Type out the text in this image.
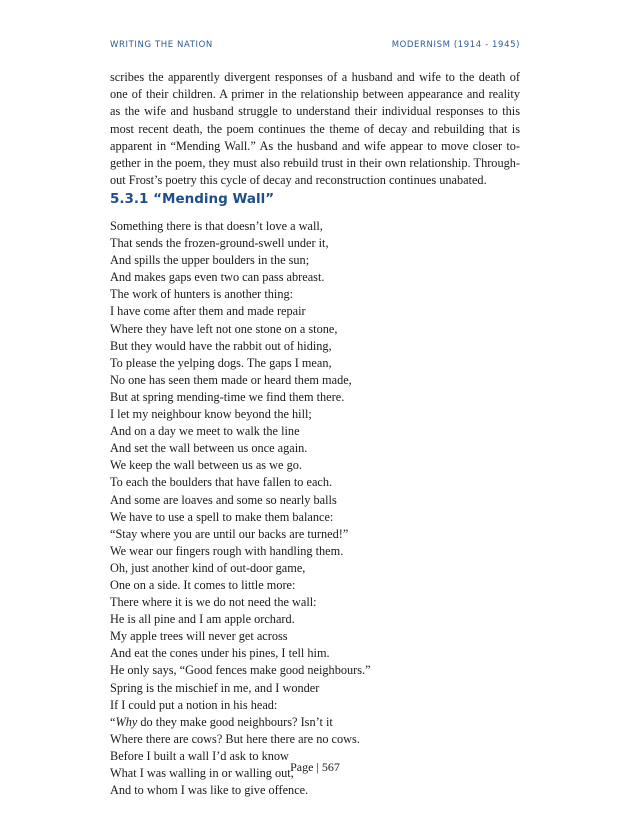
WRITING THE NATION	MODERNISM (1914 - 1945)
scribes the apparently divergent responses of a husband and wife to the death of
one of their children. A primer in the relationship between appearance and reality
as the wife and husband struggle to understand their individual responses to this
most recent death, the poem continues the theme of decay and rebuilding that is
apparent in “Mending Wall.” As the husband and wife appear to move closer to-
gether in the poem, they must also rebuild trust in their own relationship. Through-
out Frost’s poetry this cycle of decay and reconstruction continues unabated.
5.3.1 “Mending Wall”
Something there is that doesn’t love a wall,
That sends the frozen-ground-swell under it,
And spills the upper boulders in the sun;
And makes gaps even two can pass abreast.
The work of hunters is another thing:
I have come after them and made repair
Where they have left not one stone on a stone,
But they would have the rabbit out of hiding,
To please the yelping dogs. The gaps I mean,
No one has seen them made or heard them made,
But at spring mending-time we find them there.
I let my neighbour know beyond the hill;
And on a day we meet to walk the line
And set the wall between us once again.
We keep the wall between us as we go.
To each the boulders that have fallen to each.
And some are loaves and some so nearly balls
We have to use a spell to make them balance:
“Stay where you are until our backs are turned!”
We wear our fingers rough with handling them.
Oh, just another kind of out-door game,
One on a side. It comes to little more:
There where it is we do not need the wall:
He is all pine and I am apple orchard.
My apple trees will never get across
And eat the cones under his pines, I tell him.
He only says, “Good fences make good neighbours.”
Spring is the mischief in me, and I wonder
If I could put a notion in his head:
“Why do they make good neighbours? Isn’t it
Where there are cows? But here there are no cows.
Before I built a wall I’d ask to know
What I was walling in or walling out,
And to whom I was like to give offence.
Page | 567
